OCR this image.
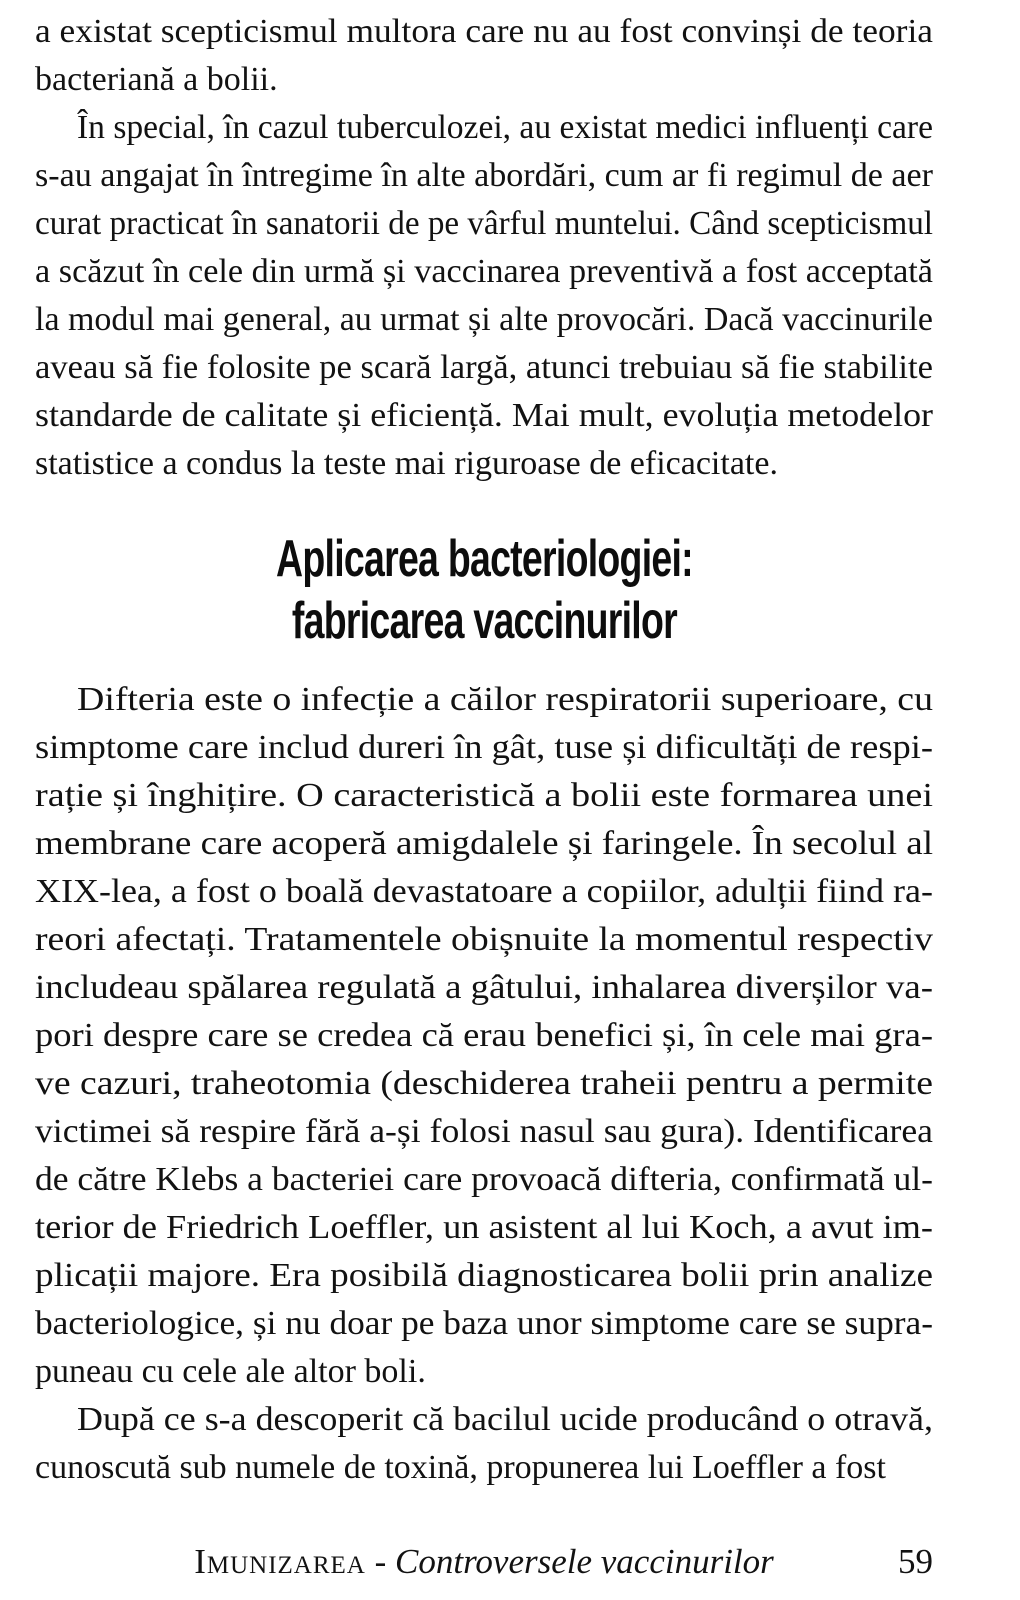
a existat scepticismul multora care nu au fost convinși de teoria
bacteriană a bolii.
În special, în cazul tuberculozei, au existat medici influenți care
s-au angajat în întregime în alte abordări, cum ar fi regimul de aer
curat practicat în sanatorii de pe vârful muntelui. Când scepticismul
a scăzut în cele din urmă și vaccinarea preventivă a fost acceptată
la modul mai general, au urmat și alte provocări. Dacă vaccinurile
aveau să fie folosite pe scară largă, atunci trebuiau să fie stabilite
standarde de calitate și eficiență. Mai mult, evoluția metodelor
statistice a condus la teste mai riguroase de eficacitate.
Aplicarea bacteriologiei:
fabricarea vaccinurilor
Difteria este o infecție a căilor respiratorii superioare, cu
simptome care includ dureri în gât, tuse și dificultăți de respi-
rație și înghițire. O caracteristică a bolii este formarea unei
membrane care acoperă amigdalele și faringele. În secolul al
XIX-lea, a fost o boală devastatoare a copiilor, adulții fiind ra-
reori afectați. Tratamentele obișnuite la momentul respectiv
includeau spălarea regulată a gâtului, inhalarea diverșilor va-
pori despre care se credea că erau benefici și, în cele mai gra-
ve cazuri, traheotomia (deschiderea traheii pentru a permite
victimei să respire fără a-și folosi nasul sau gura). Identificarea
de către Klebs a bacteriei care provoacă difteria, confirmată ul-
terior de Friedrich Loeffler, un asistent al lui Koch, a avut im-
plicații majore. Era posibilă diagnosticarea bolii prin analize
bacteriologice, și nu doar pe baza unor simptome care se supra-
puneau cu cele ale altor boli.
După ce s-a descoperit că bacilul ucide producând o otravă,
cunoscută sub numele de toxină, propunerea lui Loeffler a fost
Imunizarea - Controversele vaccinurilor	59
